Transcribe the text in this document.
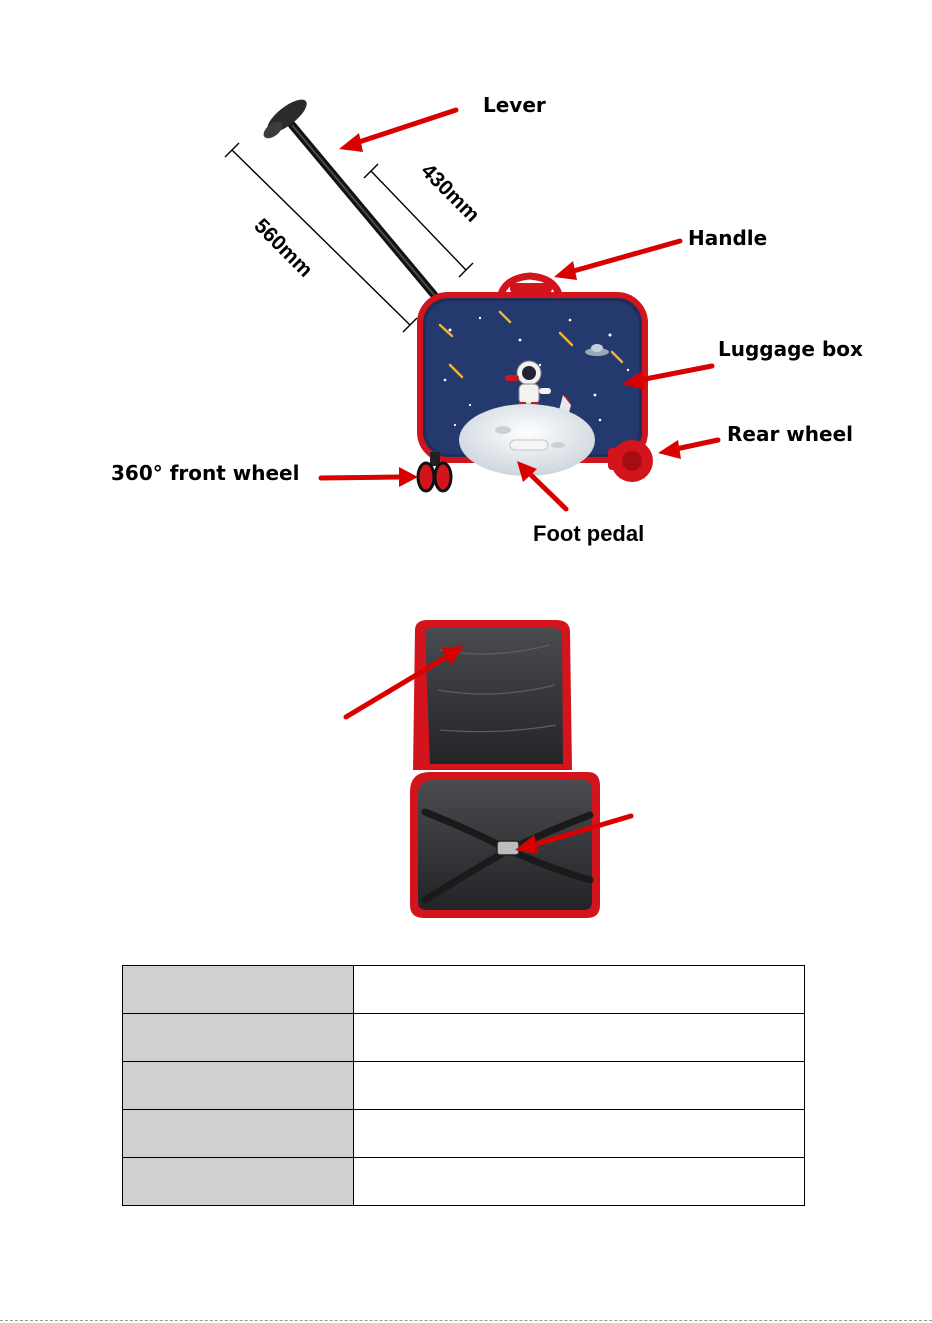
560mm
430mm
Lever
Handle
Luggage box
Rear wheel
360° front wheel
Foot pedal
